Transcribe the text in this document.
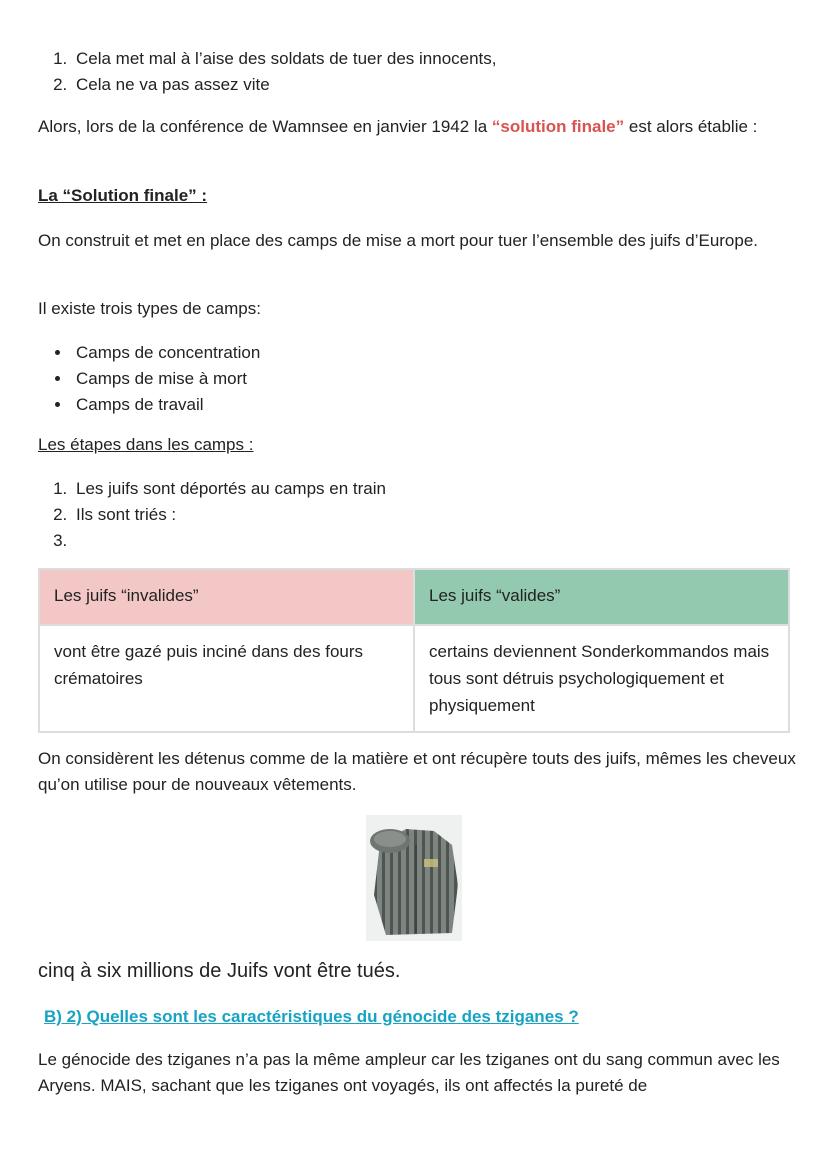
1. Cela met mal à l’aise des soldats de tuer des innocents,
2. Cela ne va pas assez vite

Alors, lors de la conférence de Wamnsee en janvier 1942 la “solution finale” est alors établie :

La “Solution finale” :

On construit et met en place des camps de mise a mort pour tuer l’ensemble des juifs d’Europe.

Il existe trois types de camps:

• Camps de concentration
• Camps de mise à mort
• Camps de travail

Les étapes dans les camps :

1. Les juifs sont déportés au camps en train
2. Ils sont triés :
3.
Les juifs “invalides”	Les juifs “valides”
vont être gazé puis inciné dans des fours crématoires	certains deviennent Sonderkommandos mais tous sont détruis psychologiquement et physiquement

On considèrent les détenus comme de la matière et ont récupère touts des juifs, mêmes les cheveux qu’on utilise pour de nouveaux vêtements.

cinq à six millions de Juifs vont être tués.

B) 2) Quelles sont les caractéristiques du génocide des tziganes ?

Le génocide des tziganes n’a pas la même ampleur car les tziganes ont du sang commun avec les Aryens. MAIS, sachant que les tziganes ont voyagés, ils ont affectés la pureté de
